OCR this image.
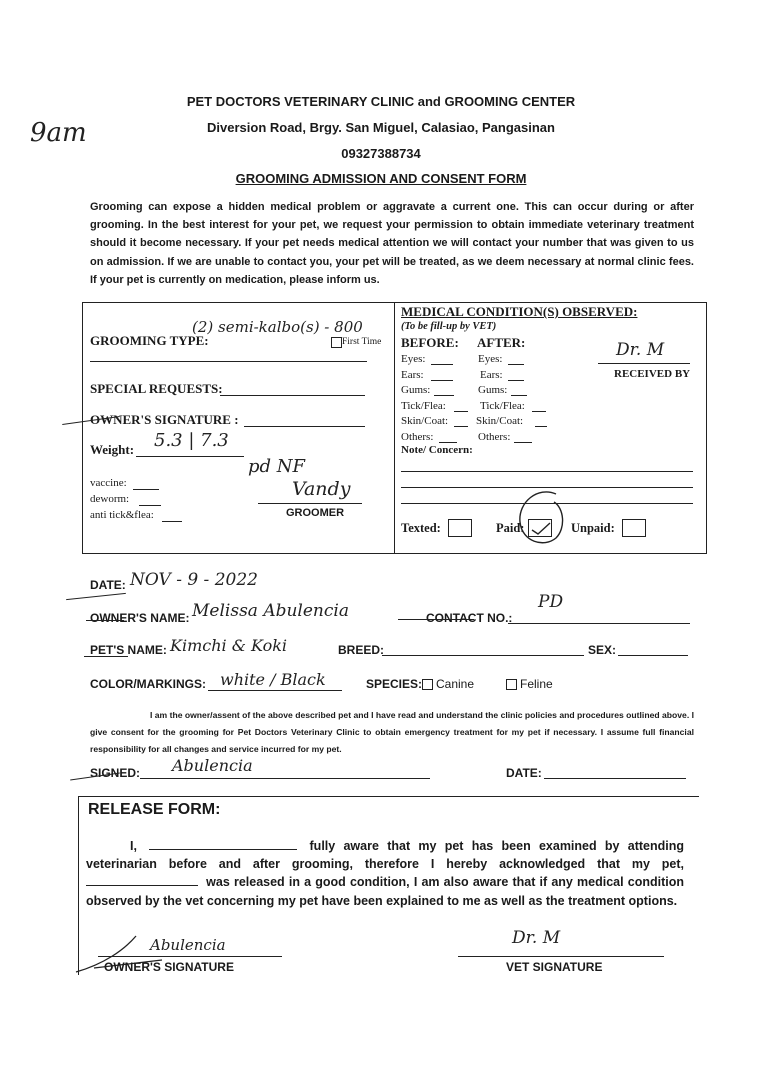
9am
PET DOCTORS VETERINARY CLINIC and GROOMING CENTER
Diversion Road, Brgy. San Miguel, Calasiao, Pangasinan
09327388734
GROOMING ADMISSION AND CONSENT FORM
Grooming can expose a hidden medical problem or aggravate a current one. This can occur during or after grooming. In the best interest for your pet, we request your permission to obtain immediate veterinary treatment should it become necessary. If your pet needs medical attention we will contact your number that was given to us on admission. If we are unable to contact you, your pet will be treated, as we deem necessary at normal clinic fees. If your pet is currently on medication, please inform us.
GROOMING TYPE:
(2) semi-kalbo(s) - 800
First Time
SPECIAL REQUESTS:
OWNER'S SIGNATURE :
Weight: 5.3 | 7.3
vaccine:
deworm:
anti tick&flea:
pd NF
Vandy
GROOMER
MEDICAL CONDITION(S) OBSERVED:
(To be fill-up by VET)
BEFORE: AFTER:
Eyes:	Eyes:
Ears:	Ears:
Gums:	Gums:
Tick/Flea:	Tick/Flea:
Skin/Coat:	Skin/Coat:
Others:	Others:
Dr. M
RECEIVED BY
Note/ Concern:
Texted:	Paid:	Unpaid:
DATE: NOV - 9 - 2022
OWNER'S NAME: Melissa Abulencia	CONTACT NO.:
PD
PET'S NAME: Kimchi & Koki	BREED:	SEX:
COLOR/MARKINGS: white / Black	SPECIES:	Canine	Feline
I am the owner/assent of the above described pet and I have read and understand the clinic policies and procedures outlined above. I give consent for the grooming for Pet Doctors Veterinary Clinic to obtain emergency treatment for my pet if necessary. I assume full financial responsibility for all changes and service incurred for my pet.
SIGNED: Abulencia	DATE:
RELEASE FORM:
I,	fully aware that my pet has been examined by attending veterinarian before and after grooming, therefore I hereby acknowledged that my pet,  was released in a good condition, I am also aware that if any medical condition observed by the vet concerning my pet have been explained to me as well as the treatment options.
Abulencia
OWNER'S SIGNATURE
Dr. M
VET SIGNATURE
